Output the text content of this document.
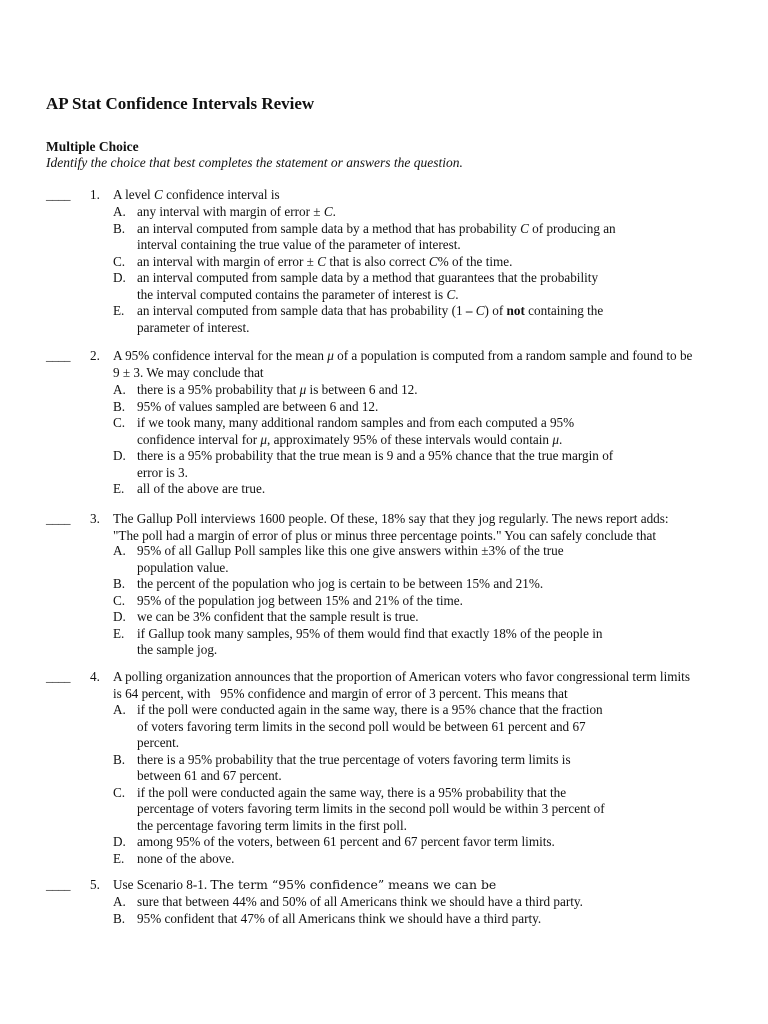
AP Stat Confidence Intervals Review
Multiple Choice
Identify the choice that best completes the statement or answers the question.
____ 1. A level C confidence interval is
A. any interval with margin of error ± C.
B. an interval computed from sample data by a method that has probability C of producing an
interval containing the true value of the parameter of interest.
C. an interval with margin of error ± C that is also correct C% of the time.
D. an interval computed from sample data by a method that guarantees that the probability
the interval computed contains the parameter of interest is C.
E. an interval computed from sample data that has probability (1 – C) of not containing the
parameter of interest.
____ 2. A 95% confidence interval for the mean μ of a population is computed from a random sample and found to be
9 ± 3. We may conclude that
A. there is a 95% probability that μ is between 6 and 12.
B. 95% of values sampled are between 6 and 12.
C. if we took many, many additional random samples and from each computed a 95%
confidence interval for μ, approximately 95% of these intervals would contain μ.
D. there is a 95% probability that the true mean is 9 and a 95% chance that the true margin of
error is 3.
E. all of the above are true.
____ 3. The Gallup Poll interviews 1600 people. Of these, 18% say that they jog regularly. The news report adds:
"The poll had a margin of error of plus or minus three percentage points." You can safely conclude that
A. 95% of all Gallup Poll samples like this one give answers within ±3% of the true
population value.
B. the percent of the population who jog is certain to be between 15% and 21%.
C. 95% of the population jog between 15% and 21% of the time.
D. we can be 3% confident that the sample result is true.
E. if Gallup took many samples, 95% of them would find that exactly 18% of the people in
the sample jog.
____ 4. A polling organization announces that the proportion of American voters who favor congressional term limits
is 64 percent, with   95% confidence and margin of error of 3 percent. This means that
A. if the poll were conducted again in the same way, there is a 95% chance that the fraction
of voters favoring term limits in the second poll would be between 61 percent and 67
percent.
B. there is a 95% probability that the true percentage of voters favoring term limits is
between 61 and 67 percent.
C. if the poll were conducted again the same way, there is a 95% probability that the
percentage of voters favoring term limits in the second poll would be within 3 percent of
the percentage favoring term limits in the first poll.
D. among 95% of the voters, between 61 percent and 67 percent favor term limits.
E. none of the above.
____ 5. Use Scenario 8-1. The term “95% confidence” means we can be
A. sure that between 44% and 50% of all Americans think we should have a third party.
B. 95% confident that 47% of all Americans think we should have a third party.
